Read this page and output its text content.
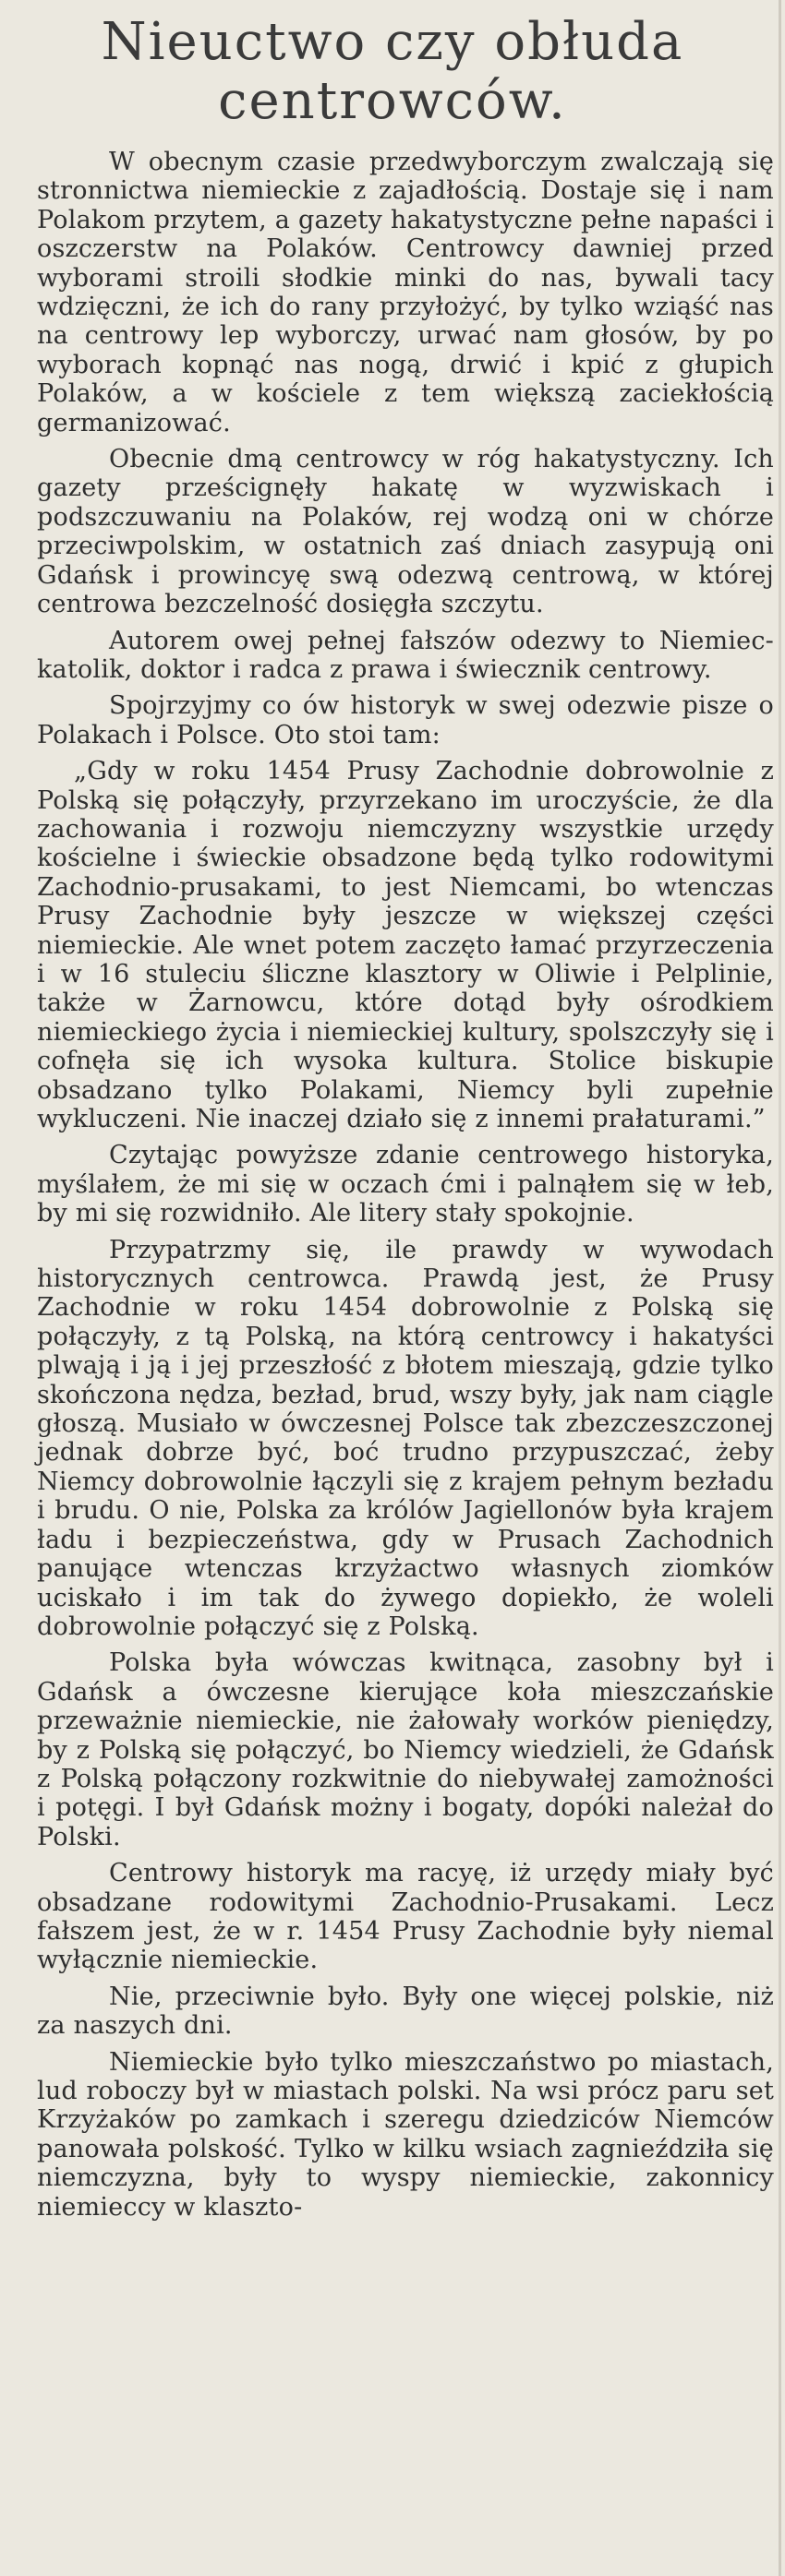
Nieuctwo czy obłuda
centrowców.

W obecnym czasie przedwyborczym zwalczają się stronnictwa niemieckie z zajadłością. Dostaje się i nam Polakom przytem, a gazety hakatystyczne pełne napaści i oszczerstw na Polaków. Centrowcy dawniej przed wyborami stroili słodkie minki do nas, bywali tacy wdzięczni, że ich do rany przyłożyć, by tylko wziąść nas na centrowy lep wyborczy, urwać nam głosów, by po wyborach kopnąć nas nogą, drwić i kpić z głupich Polaków, a w kościele z tem większą zaciekłością germanizować.

Obecnie dmą centrowcy w róg hakatystyczny. Ich gazety prześcignęły hakatę w wyzwiskach i podszczuwaniu na Polaków, rej wodzą oni w chórze przeciwpolskim, w ostatnich zaś dniach zasypują oni Gdańsk i prowincyę swą odezwą centrową, w której centrowa bezczelność dosięgła szczytu.

Autorem owej pełnej fałszów odezwy to Niemiec-katolik, doktor i radca z prawa i świecznik centrowy.

Spojrzyjmy co ów historyk w swej odezwie pisze o Polakach i Polsce. Oto stoi tam:

„Gdy w roku 1454 Prusy Zachodnie dobrowolnie z Polską się połączyły, przyrzekano im uroczyście, że dla zachowania i rozwoju niemczyzny wszystkie urzędy kościelne i świeckie obsadzone będą tylko rodowitymi Zachodnio-prusakami, to jest Niemcami, bo wtenczas Prusy Zachodnie były jeszcze w większej części niemieckie. Ale wnet potem zaczęto łamać przyrzeczenia i w 16 stuleciu śliczne klasztory w Oliwie i Pelplinie, także w Żarnowcu, które dotąd były ośrodkiem niemieckiego życia i niemieckiej kultury, spolszczyły się i cofnęła się ich wysoka kultura. Stolice biskupie obsadzano tylko Polakami, Niemcy byli zupełnie wykluczeni. Nie inaczej działo się z innemi prałaturami.”

Czytając powyższe zdanie centrowego historyka, myślałem, że mi się w oczach ćmi i palnąłem się w łeb, by mi się rozwidniło. Ale litery stały spokojnie.

Przypatrzmy się, ile prawdy w wywodach historycznych centrowca. Prawdą jest, że Prusy Zachodnie w roku 1454 dobrowolnie z Polską się połączyły, z tą Polską, na którą centrowcy i hakatyści plwają i ją i jej przeszłość z błotem mieszają, gdzie tylko skończona nędza, bezład, brud, wszy były, jak nam ciągle głoszą. Musiało w ówczesnej Polsce tak zbezczeszczonej jednak dobrze być, boć trudno przypuszczać, żeby Niemcy dobrowolnie łączyli się z krajem pełnym bezładu i brudu. O nie, Polska za królów Jagiellonów była krajem ładu i bezpieczeństwa, gdy w Prusach Zachodnich panujące wtenczas krzyżactwo własnych ziomków uciskało i im tak do żywego dopiekło, że woleli dobrowolnie połączyć się z Polską.

Polska była wówczas kwitnąca, zasobny był i Gdańsk a ówczesne kierujące koła mieszczańskie przeważnie niemieckie, nie żałowały worków pieniędzy, by z Polską się połączyć, bo Niemcy wiedzieli, że Gdańsk z Polską połączony rozkwitnie do niebywałej zamożności i potęgi. I był Gdańsk możny i bogaty, dopóki należał do Polski.

Centrowy historyk ma racyę, iż urzędy miały być obsadzane rodowitymi Zachodnio-Prusakami. Lecz fałszem jest, że w r. 1454 Prusy Zachodnie były niemal wyłącznie niemieckie.

Nie, przeciwnie było. Były one więcej polskie, niż za naszych dni.

Niemieckie było tylko mieszczaństwo po miastach, lud roboczy był w miastach polski. Na wsi prócz paru set Krzyżaków po zamkach i szeregu dziedziców Niemców panowała polskość. Tylko w kilku wsiach zagnieździła się niemczyzna, były to wyspy niemieckie, zakonnicy niemieccy w klaszto-
